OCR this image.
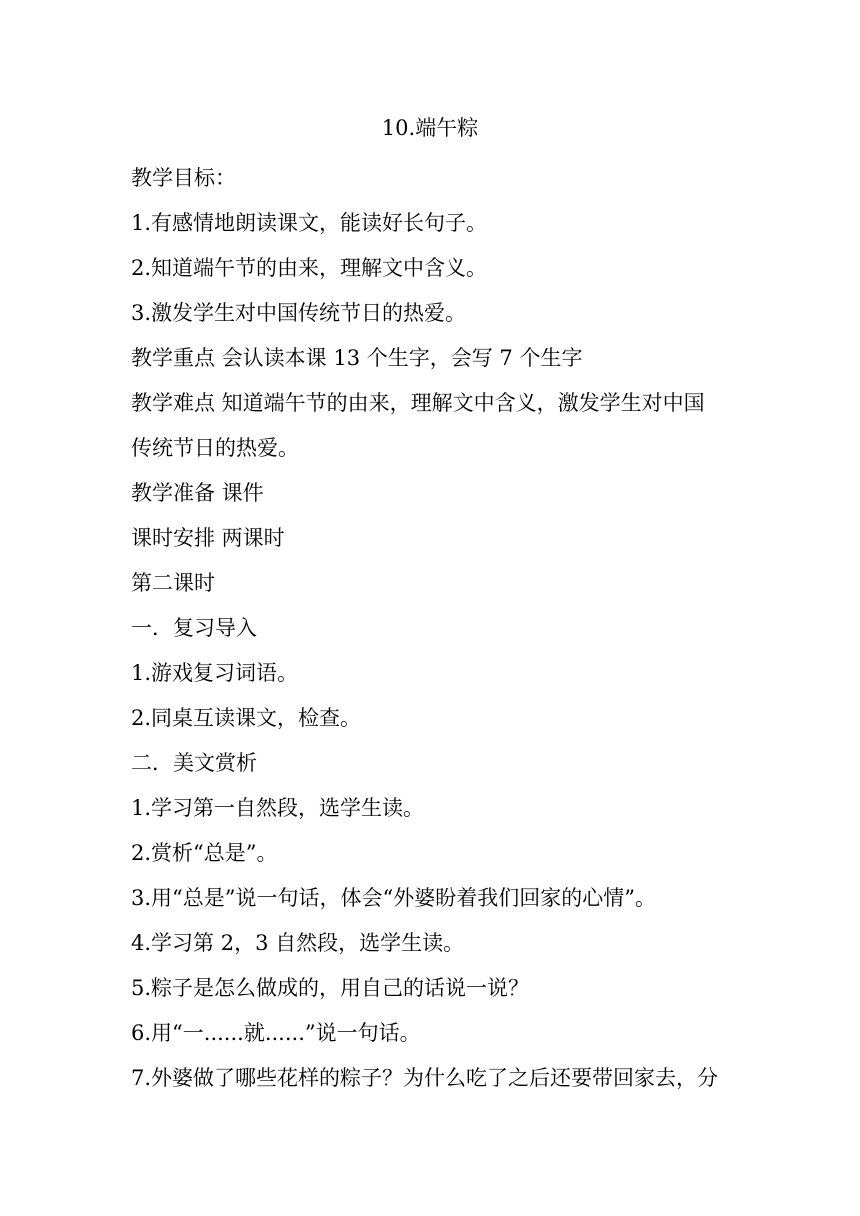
10.端午粽

教学目标：

1.有感情地朗读课文，能读好长句子。

2.知道端午节的由来，理解文中含义。

3.激发学生对中国传统节日的热爱。

教学重点 会认读本课 13 个生字，会写 7 个生字

教学难点 知道端午节的由来，理解文中含义，激发学生对中国

传统节日的热爱。

教学准备 课件

课时安排 两课时

第二课时

一．复习导入

1.游戏复习词语。

2.同桌互读课文，检查。

二．美文赏析

1.学习第一自然段，选学生读。

2.赏析“总是”。

3.用“总是”说一句话，体会“外婆盼着我们回家的心情”。

4.学习第 2，3 自然段，选学生读。

5.粽子是怎么做成的，用自己的话说一说？

6.用“一......就......”说一句话。

7.外婆做了哪些花样的粽子？为什么吃了之后还要带回家去，分
